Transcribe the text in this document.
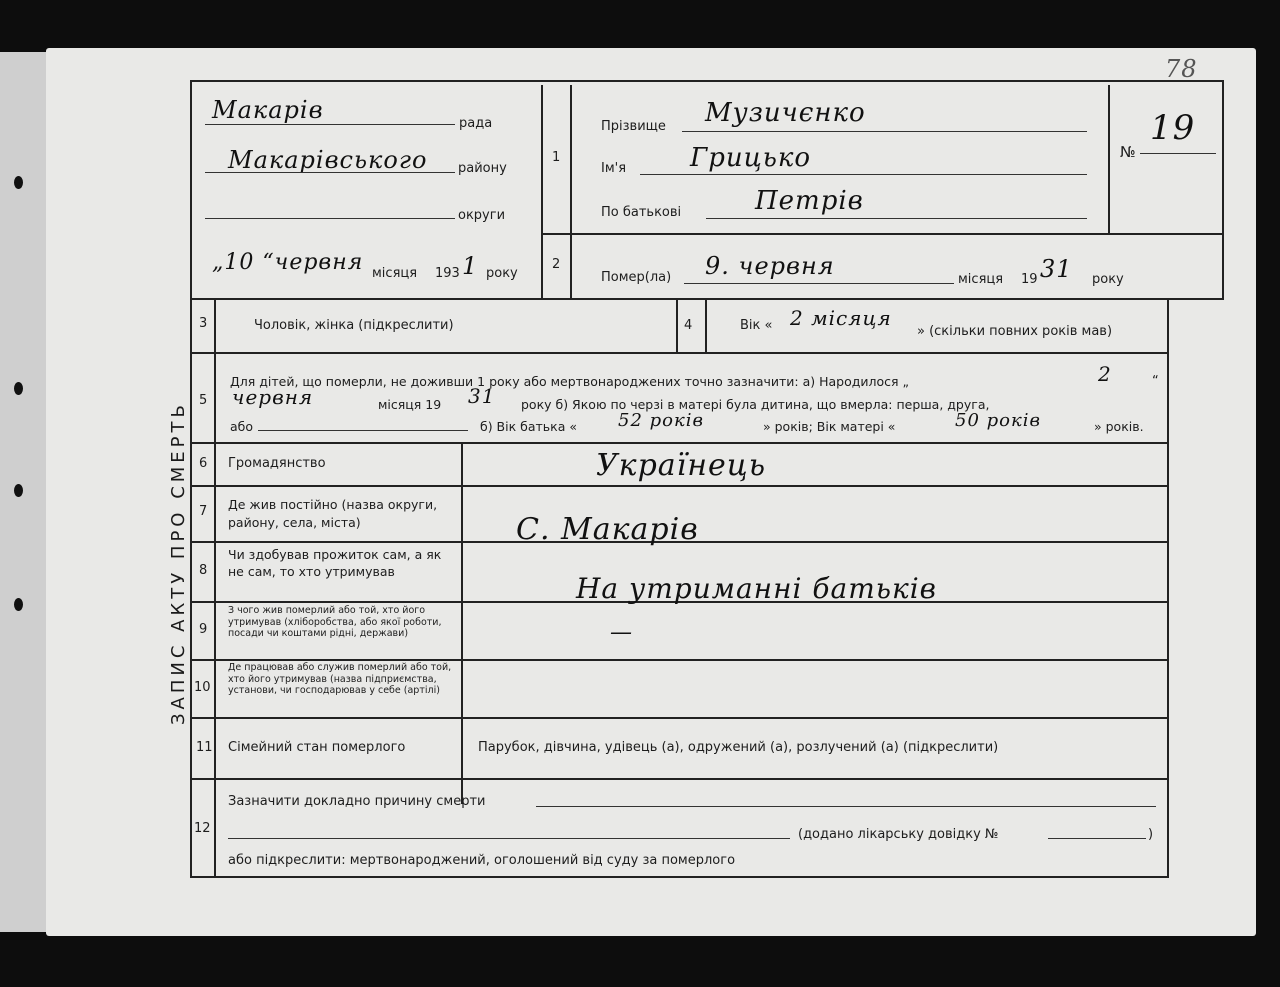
78
ЗАПИС АКТУ ПРО СМЕРТЬ
Макарів	рада
Макарівського району
округи
„10 “червня місяця 193 1 року
1
Прізвище Музичєнко
Ім'я Грицько
По батькові	Петрів
№
19
2
Помер(ла) 9. червня	місяця 19 31 року
3	Чоловік, жінка (підкреслити)	4	Вік « 2 місяця
» (скільки повних років мав)
5
Для дітей, що померли, не доживши 1 року або мертвонароджених точно зазначити: а) Народилося „	2	“
червня	місяця 19 31 року б) Якою по черзі в матері була дитина, що вмерла: перша, друга,
або	б) Вік батька « 52 років	» років; Вік матері «	50 років	» років.
6 Громадянство	Українець
7 Де жив постійно (назва округи, району, села, міста)	С. Макарів
8
Чи здобував прожиток сам, а як не сам, то хто утримував
На утриманні батьків
9
З чого жив померлий або той, хто його утримував (хліборобства, або якої роботи, посади чи коштами рідні, держави)	—
10
Де працював або служив померлий або той, хто його утримував (назва підприємства, установи, чи господарював у себе (артілі)
11 Сімейний стан померлого	Парубок, дівчина, удівець (а), одружений (а), розлучений (а) (підкреслити)
12
Зазначити докладно причину смерти
(додано лікарську довідку №	)
або підкреслити: мертвонароджений, оголошений від суду за померлого
